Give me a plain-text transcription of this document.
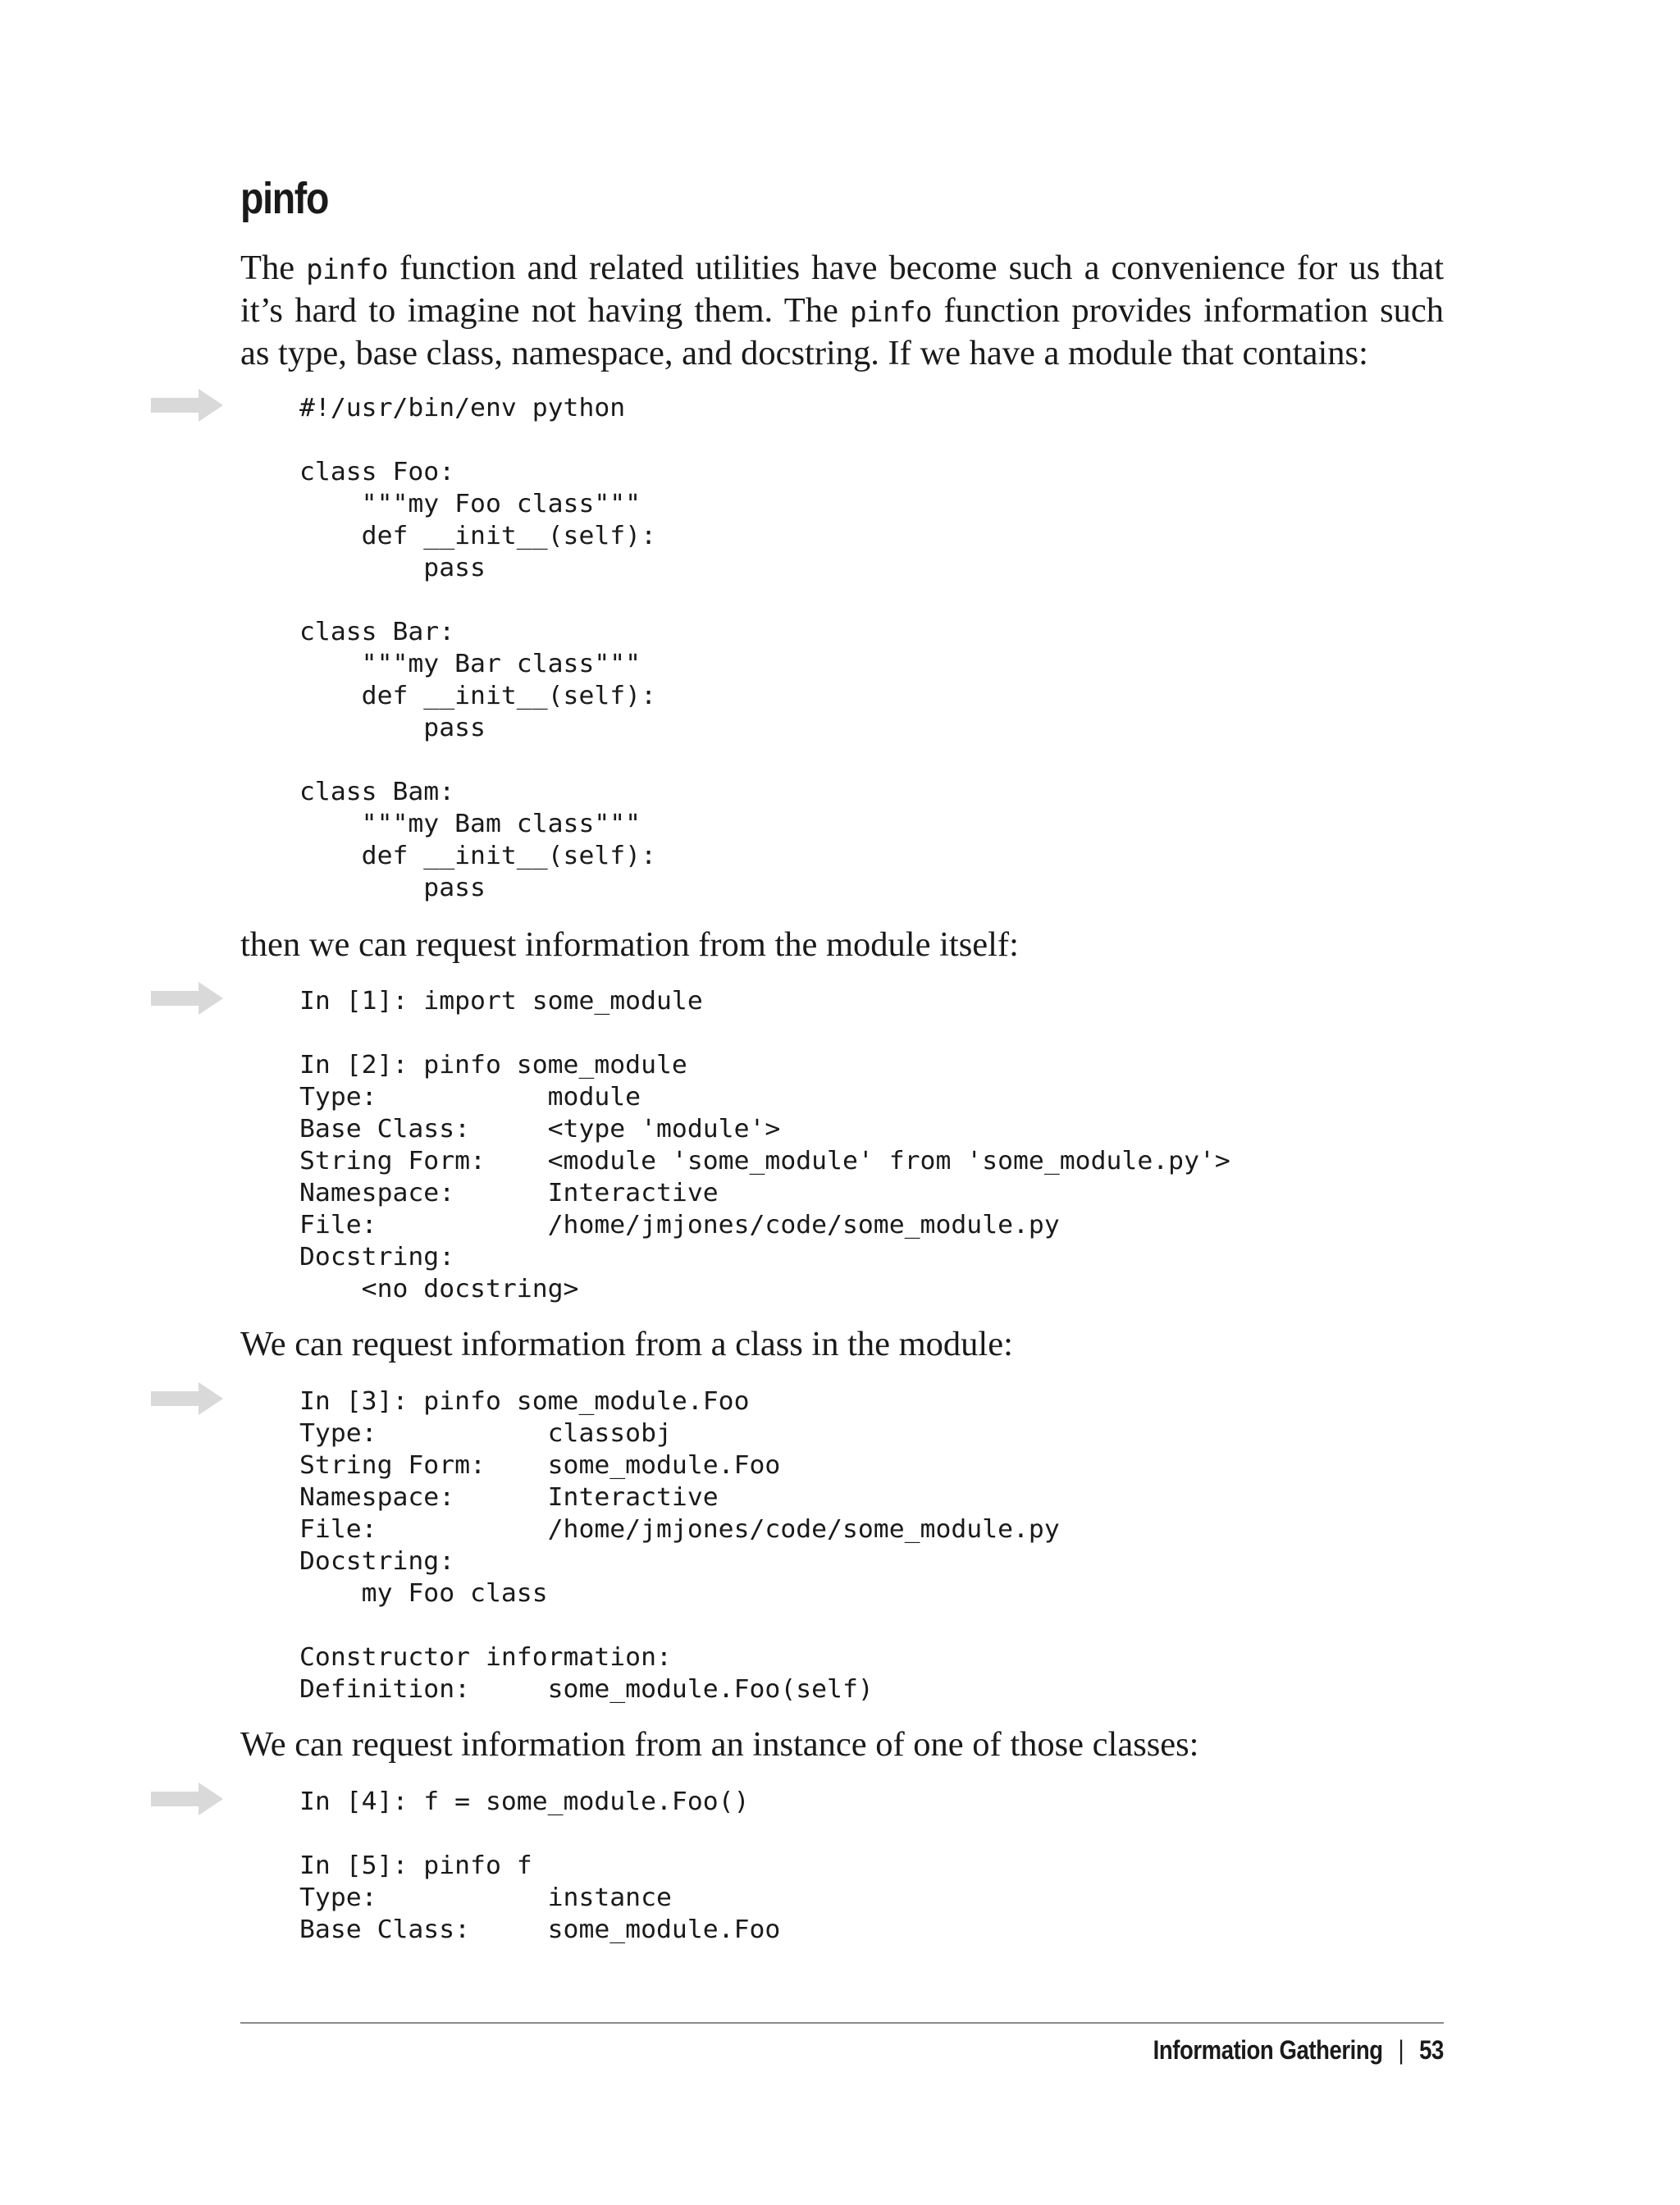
pinfo

The pinfo function and related utilities have become such a convenience for us that it’s hard to imagine not having them. The pinfo function provides information such as type, base class, namespace, and docstring. If we have a module that contains:

#!/usr/bin/env python
class Foo:
"""my Foo class"""
def __init__(self):
pass
class Bar:
"""my Bar class"""
def __init__(self):
pass
class Bam:
"""my Bam class"""
def __init__(self):
pass

then we can request information from the module itself:

In [1]: import some_module
In [2]: pinfo some_module
Type:           module
Base Class:     <type 'module'>
String Form:    <module 'some_module' from 'some_module.py'>
Namespace:      Interactive
File:           /home/jmjones/code/some_module.py
Docstring:
<no docstring>

We can request information from a class in the module:

In [3]: pinfo some_module.Foo
Type:           classobj
String Form:    some_module.Foo
Namespace:      Interactive
File:           /home/jmjones/code/some_module.py
Docstring:
my Foo class
Constructor information:
Definition:     some_module.Foo(self)

We can request information from an instance of one of those classes:

In [4]: f = some_module.Foo()
In [5]: pinfo f
Type:           instance
Base Class:     some_module.Foo
Information Gathering | 53
